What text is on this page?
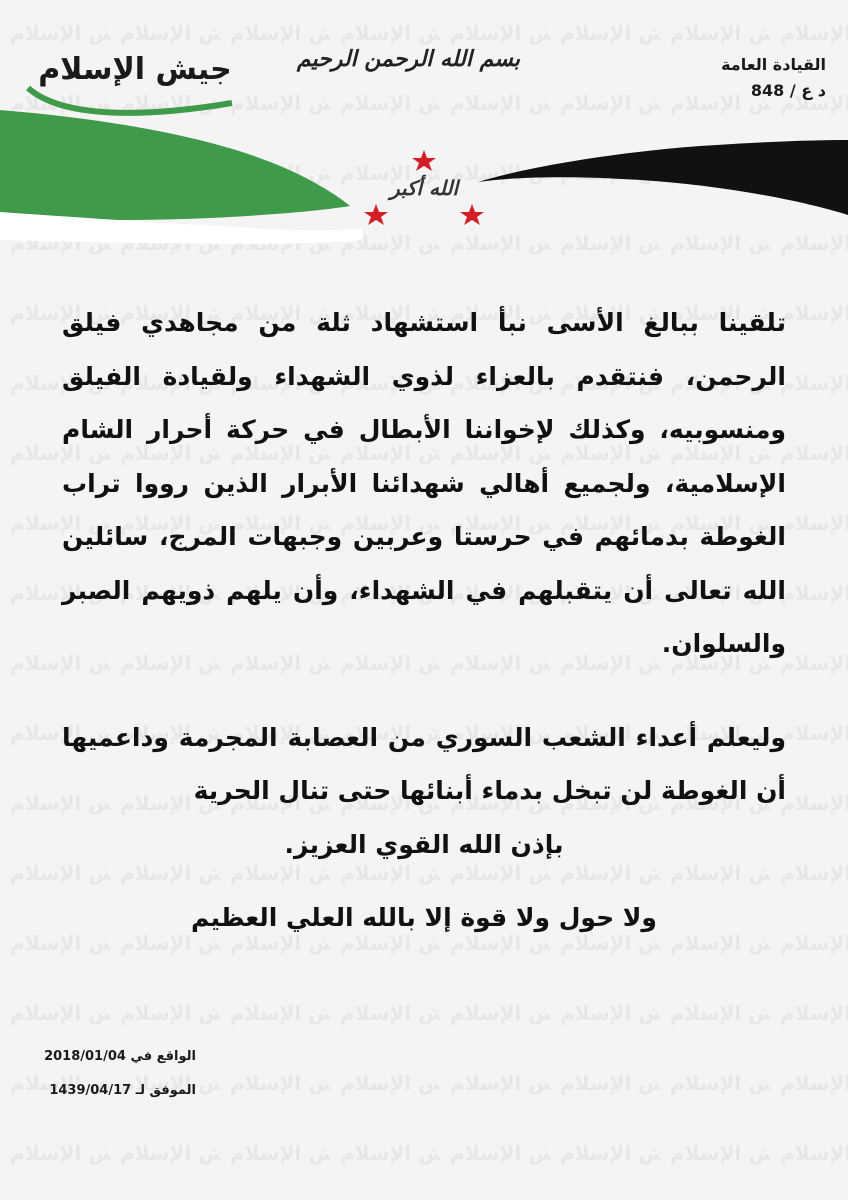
جيش الإسلام	بسم الله الرحمن الرحيم
الله أكبر
القيادة العامة
د ع / 848

تلقينا ببالغ الأسى نبأ استشهاد ثلة من مجاهدي فيلق الرحمن، فنتقدم بالعزاء لذوي الشهداء ولقيادة الفيلق ومنسوبيه، وكذلك لإخواننا الأبطال في حركة أحرار الشام الإسلامية، ولجميع أهالي شهدائنا الأبرار الذين رووا تراب الغوطة بدمائهم في حرستا وعربين وجبهات المرج، سائلين الله تعالى أن يتقبلهم في الشهداء، وأن يلهم ذويهم الصبر والسلوان.

وليعلم أعداء الشعب السوري من العصابة المجرمة وداعميها أن الغوطة لن تبخل بدماء أبنائها حتى تنال الحرية

بإذن الله القوي العزيز.

ولا حول ولا قوة إلا بالله العلي العظيم

الواقع في 2018/01/04
الموفق لـ 1439/04/17
